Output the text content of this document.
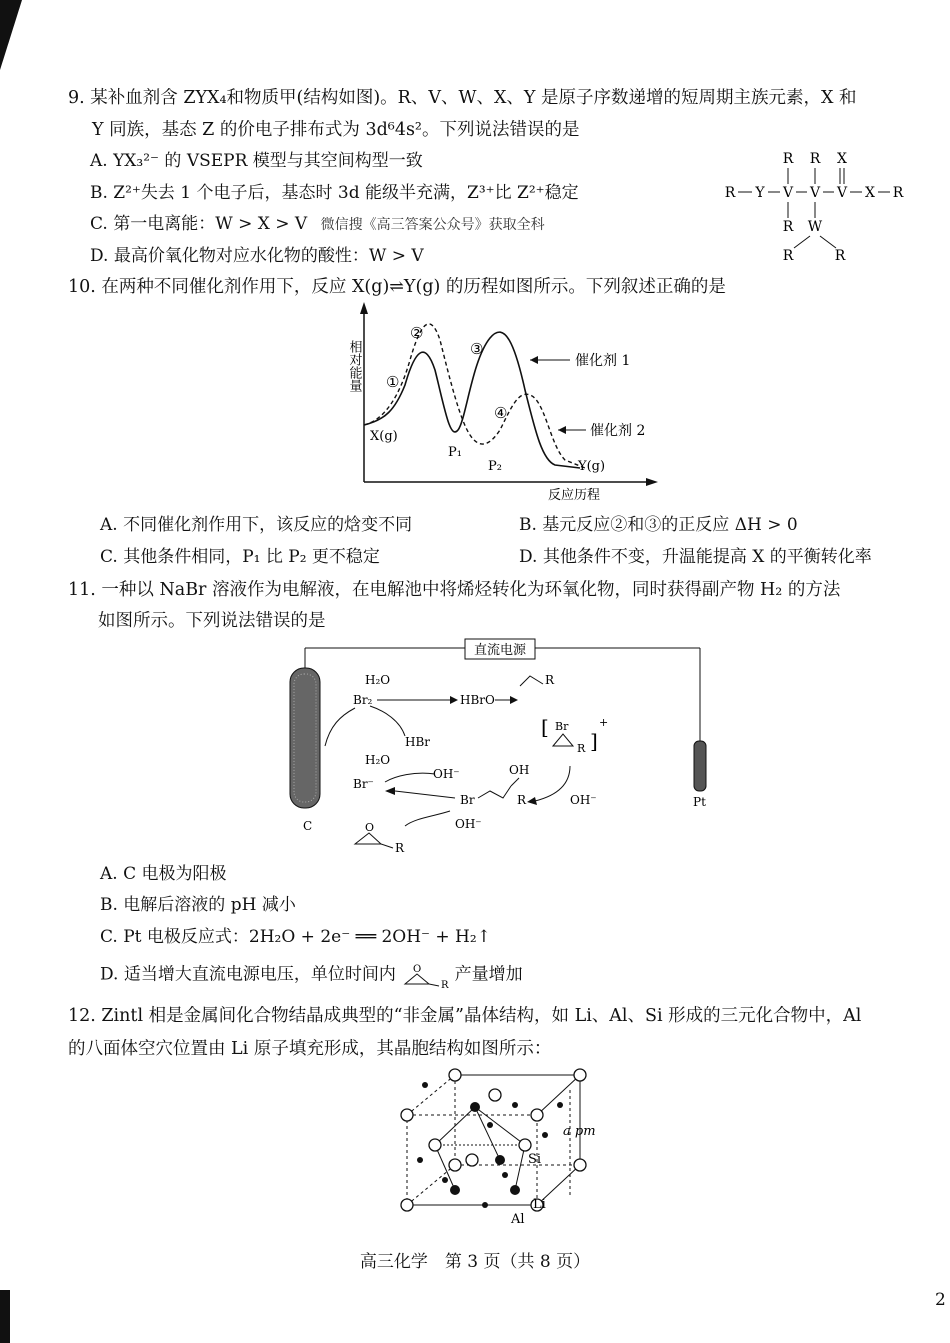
9. 某补血剂含 ZYX₄和物质甲(结构如图)。R、V、W、X、Y 是原子序数递增的短周期主族元素，X 和
Y 同族，基态 Z 的价电子排布式为 3d⁶4s²。下列说法错误的是
A. YX₃²⁻ 的 VSEPR 模型与其空间构型一致
B. Z²⁺失去 1 个电子后，基态时 3d 能级半充满，Z³⁺比 Z²⁺稳定
C. 第一电离能：W > X > V 微信搜《高三答案公众号》获取全科
D. 最高价氧化物对应水化物的酸性：W > V
R R X
R Y V V V X R
R W
R	R
10. 在两种不同催化剂作用下，反应 X(g)⇌Y(g) 的历程如图所示。下列叙述正确的是
相对能量
反应历程
①
②
③
④
X(g)
P₁
P₂	Y(g)
催化剂 1
催化剂 2
A. 不同催化剂作用下，该反应的焓变不同	B. 基元反应②和③的正反应 ΔH > 0
C. 其他条件相同，P₁ 比 P₂ 更不稳定	D. 其他条件不变，升温能提高 X 的平衡转化率
11. 一种以 NaBr 溶液作为电解液，在电解池中将烯烃转化为环氧化物，同时获得副产物 H₂ 的方法
如图所示。下列说法错误的是
直流电源
C
Pt
H₂O
Br₂	HBrO
R
[ Br
R ]
+
HBr
H₂O
OH⁻
Br⁻
OH
Br	R	OH⁻
OH⁻
O
R
A. C 电极为阳极
B. 电解后溶液的 pH 减小
C. Pt 电极反应式：2H₂O + 2e⁻ ══ 2OH⁻ + H₂↑
D. 适当增大直流电源电压，单位时间内 O
R
产量增加
12. Zintl 相是金属间化合物结晶成典型的“非金属”晶体结构，如 Li、Al、Si 形成的三元化合物中，Al
的八面体空穴位置由 Li 原子填充形成，其晶胞结构如图所示：
a pm
Si
Li
Al
高三化学　第 3 页（共 8 页）
2
